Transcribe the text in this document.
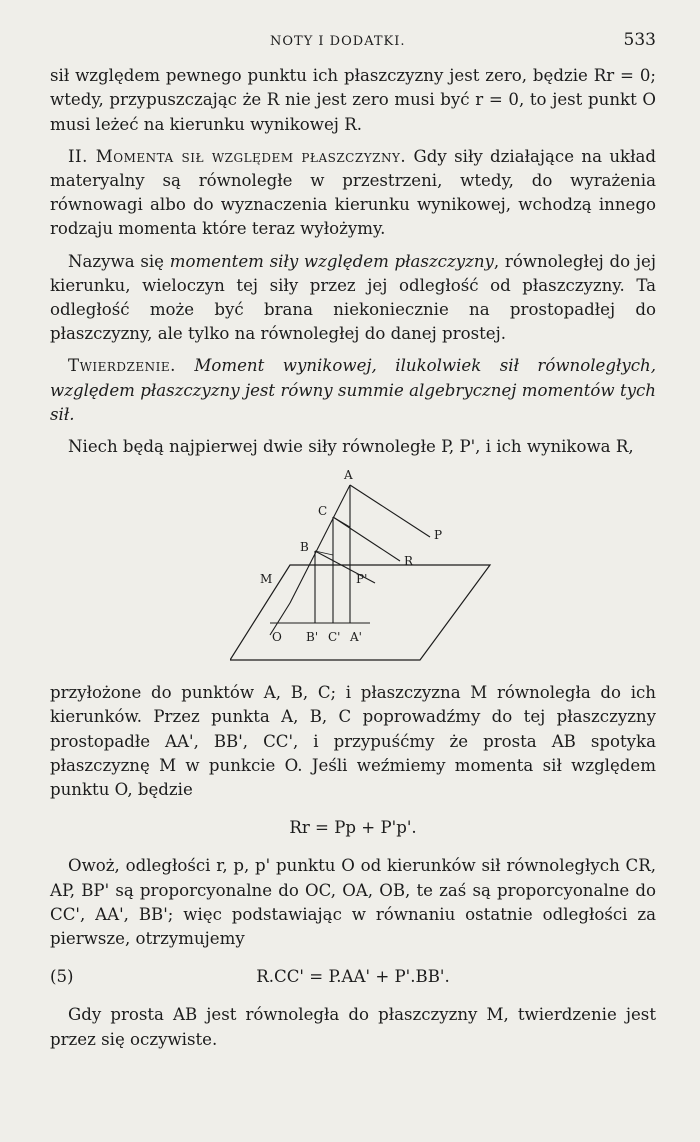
NOTY I DODATKI.	533

sił względem pewnego punktu ich płaszczyzny jest zero, będzie Rr = 0; wtedy, przypuszczając że R nie jest zero musi być r = 0, to jest punkt O musi leżeć na kierunku wynikowej R.

II. Momenta sił względem płaszczyzny. Gdy siły działające na układ materyalny są równoległe w przestrzeni, wtedy, do wyrażenia równowagi albo do wyznaczenia kierunku wynikowej, wchodzą innego rodzaju momenta które teraz wyłożymy.

Nazywa się momentem siły względem płaszczyzny, równoległej do jej kierunku, wieloczyn tej siły przez jej odległość od płaszczyzny. Ta odległość może być brana niekoniecznie na prostopadłej do płaszczyzny, ale tylko na równoległej do danej prostej.

Twierdzenie. Moment wynikowej, ilukolwiek sił równoległych, względem płaszczyzny jest równy summie algebrycznej momentów tych sił.

Niech będą najpierwej dwie siły równoległe P, P', i ich wynikowa R,

A
C
B
P
R
M	P'
O B' C' A'

przyłożone do punktów A, B, C; i płaszczyzna M równoległa do ich kierunków. Przez punkta A, B, C poprowadźmy do tej płaszczyzny prostopadłe AA', BB', CC', i przypuśćmy że prosta AB spotyka płaszczyznę M w punkcie O. Jeśli weźmiemy momenta sił względem punktu O, będzie

Rr = Pp + P'p'.

Owoż, odległości r, p, p' punktu O od kierunków sił równoległych CR, AP, BP' są proporcyonalne do OC, OA, OB, te zaś są proporcyonalne do CC', AA', BB'; więc podstawiając w równaniu ostatnie odległości za pierwsze, otrzymujemy

(5)	R.CC' = P.AA' + P'.BB'.

Gdy prosta AB jest równoległa do płaszczyzny M, twierdzenie jest przez się oczywiste.
